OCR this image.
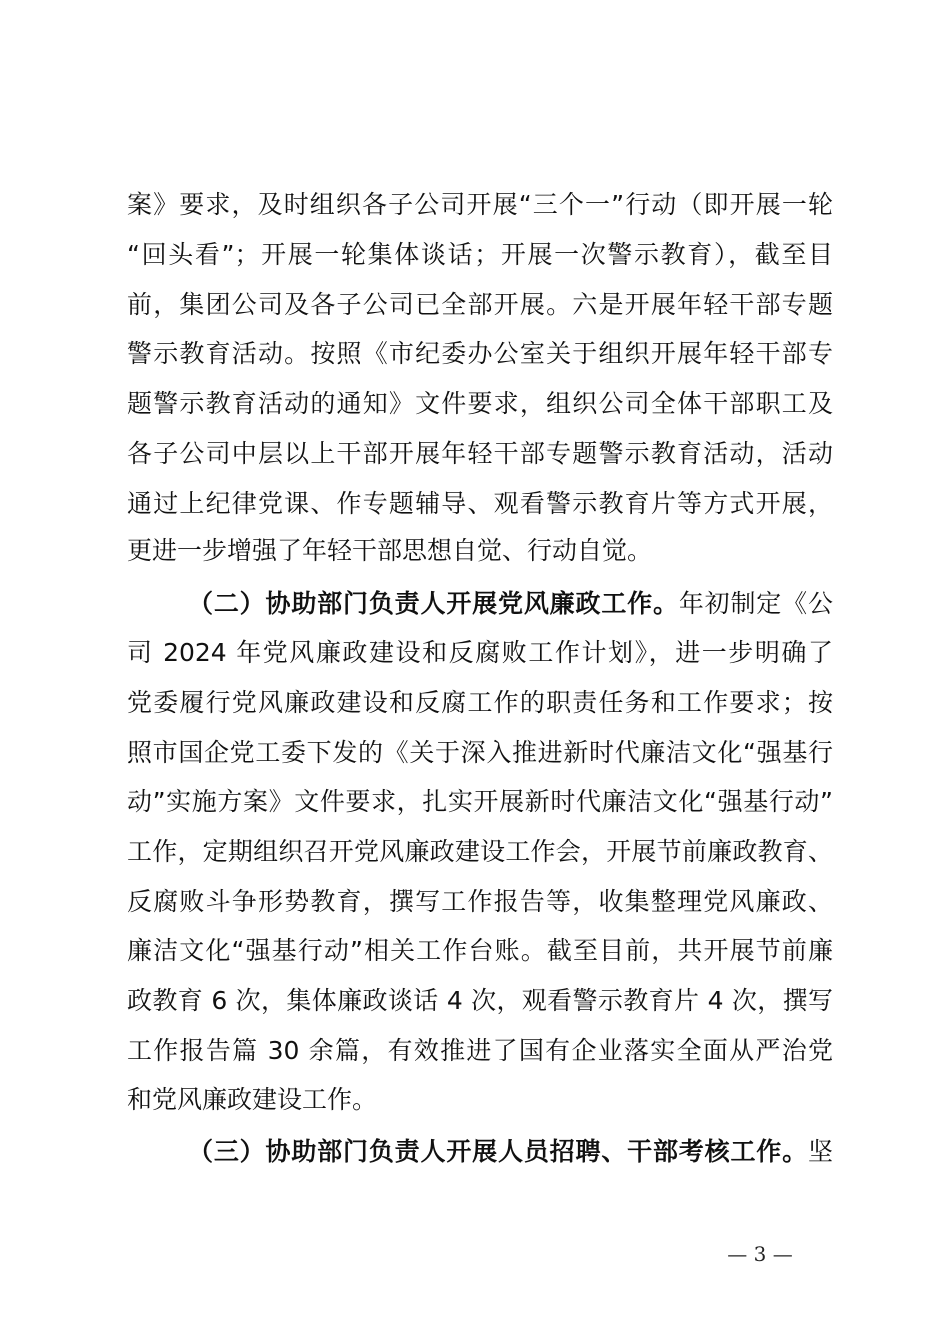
案》要求，及时组织各子公司开展“三个一”行动（即开展一轮
“回头看”；开展一轮集体谈话；开展一次警示教育），截至目
前，集团公司及各子公司已全部开展。六是开展年轻干部专题
警示教育活动。按照《市纪委办公室关于组织开展年轻干部专
题警示教育活动的通知》文件要求，组织公司全体干部职工及
各子公司中层以上干部开展年轻干部专题警示教育活动，活动
通过上纪律党课、作专题辅导、观看警示教育片等方式开展，
更进一步增强了年轻干部思想自觉、行动自觉。
（二）协助部门负责人开展党风廉政工作。年初制定《公
司 2024 年党风廉政建设和反腐败工作计划》，进一步明确了
党委履行党风廉政建设和反腐工作的职责任务和工作要求；按
照市国企党工委下发的《关于深入推进新时代廉洁文化“强基行
动”实施方案》文件要求，扎实开展新时代廉洁文化“强基行动”
工作，定期组织召开党风廉政建设工作会，开展节前廉政教育、
反腐败斗争形势教育，撰写工作报告等，收集整理党风廉政、
廉洁文化“强基行动”相关工作台账。截至目前，共开展节前廉
政教育 6 次，集体廉政谈话 4 次，观看警示教育片 4 次，撰写
工作报告篇 30 余篇，有效推进了国有企业落实全面从严治党
和党风廉政建设工作。
（三）协助部门负责人开展人员招聘、干部考核工作。坚
— 3 —
